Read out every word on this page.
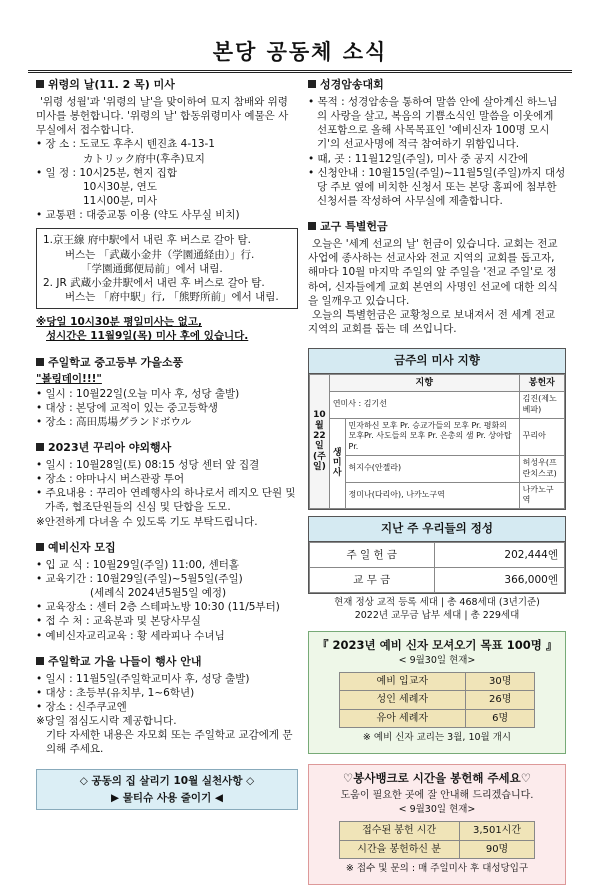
본당 공동체 소식
위령의 날(11. 2 목) 미사
'위령 성월'과 '위령의 날'을 맞이하여 묘지 참배와 위령미사를 봉헌합니다. '위령의 날' 합동위령미사 예물은 사무실에서 접수합니다.
• 장 소 : 도쿄도 후추시 텐진쵸 4-13-1
カトリック府中(후추)묘지
• 일 정 : 10시25분, 현지 집합
10시30분, 연도
11시00분, 미사
• 교통편 : 대중교통 이용 (약도 사무실 비치)
1.京王線 府中駅에서 내린 후 버스로 갈아 탐.
버스는 「武蔵小金井（学園通経由）」行.
「学園通郵便局前」에서 내림.
2. JR 武蔵小金井駅에서 내린 후 버스로 갈아 탐.
버스는 「府中駅」行, 「熊野所前」에서 내림.
※당일 10시30분 평일미사는 없고,
성시간은 11월9일(목) 미사 후에 있습니다.
주일학교 중고등부 가을소풍
"볼링데이!!!"
• 일시 : 10월22일(오늘 미사 후, 성당 출발)
• 대상 : 본당에 교적이 있는 중고등학생
• 장소 : 高田馬場グランドボウル
2023년 꾸리아 야외행사
• 일시 : 10월28일(토) 08:15 성당 센터 앞 집결
• 장소 : 야마나시 버스관광 투어
• 주요내용 : 꾸리아 연례행사의 하나로서 레지오 단원 및 가족, 협조단원들의 신심 및 단합을 도모.
※안전하게 다녀올 수 있도록 기도 부탁드립니다.
예비신자 모집
• 입 교 식 : 10월29일(주일) 11:00, 센터홀
• 교육기간 : 10월29일(주일)~5월5일(주일)
(세례식 2024년5월5일 예정)
• 교육장소 : 센터 2층 스테파노방 10:30 (11/5부터)
• 접 수 처 : 교육분과 및 본당사무실
• 예비신자교리교육 : 황 세라피나 수녀님
주일학교 가을 나들이 행사 안내
• 일시 : 11월5일(주일학교미사 후, 성당 출발)
• 대상 : 초등부(유치부, 1~6학년)
• 장소 : 신주쿠교엔
※당일 점심도시락 제공합니다.
기타 자세한 내용은 자모회 또는 주일학교 교감에게 문의해 주세요.
◇ 공동의 집 살리기 10월 실천사항 ◇
▶ 물티슈 사용 줄이기 ◀
성경암송대회
• 목적 : 성경암송을 통하여 말씀 안에 살아계신 하느님의 사랑을 살고, 복음의 기쁨소식인 말씀을 이웃에게 선포함으로 올해 사목목표인 '예비신자 100명 모시기'의 선교사명에 적극 참여하기 위함입니다.
• 때, 곳 : 11월12일(주일), 미사 중 공지 시간에
• 신청안내 : 10월15일(주일)~11월5일(주일)까지 대성당 주보 옆에 비치한 신청서 또는 본당 홈피에 첨부한 신청서를 작성하여 사무실에 제출합니다.
교구 특별헌금
오늘은 '세계 선교의 날' 헌금이 있습니다. 교회는 전교 사업에 종사하는 선교사와 전교 지역의 교회를 돕고자, 해마다 10월 마지막 주일의 앞 주일을 '전교 주일'로 정하여, 신자들에게 교회 본연의 사명인 선교에 대한 의식을 일깨우고 있습니다.
오늘의 특별헌금은 교황청으로 보내져서 전 세계 전교 지역의 교회를 돕는 데 쓰입니다.
금주의 미사 지향
10월22일(주일)	지향		봉헌자
	연미사 : 김기선		김진(제노베파)
	생미사	민자하신 모후 Pr. 승교가들의 모후 Pr. 평화의 모후Pr. 사도들의 모후 Pr. 은총의 샘 Pr. 상아탑Pr.	꾸리아
		허지수(안젤라)	허성우(프란치스코)
		정미나(다리아), 나카노구역	나카노구역
지난 주 우리들의 정성
주 일 헌 금	202,444엔
교 무 금	366,000엔
현재 정상 교적 등록 세대 | 총 468세대 (3년기준)
2022년 교무금 납부 세대 | 총 229세대
『 2023년 예비 신자 모셔오기 목표 100명 』
< 9월30일 현재>
예비 입교자	30명
성인 세례자	26명
유아 세례자	6명
※ 예비 신자 교리는 3월, 10월 개시
♡봉사뱅크로 시간을 봉헌해 주세요♡
도움이 필요한 곳에 잘 안내해 드리겠습니다.
< 9월30일 현재>
접수된 봉헌 시간	3,501시간
시간을 봉헌하신 분	90명
※ 접수 및 문의 : 매 주일미사 후 대성당입구
